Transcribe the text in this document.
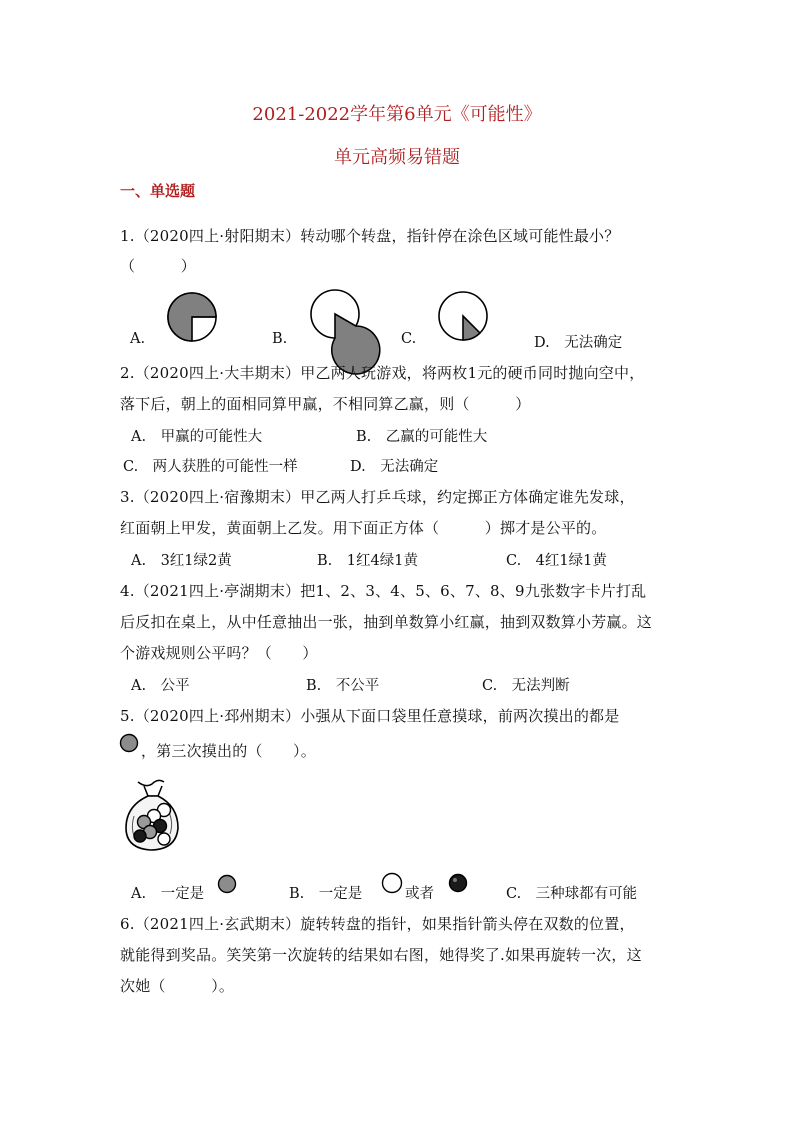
2021-2022学年第6单元《可能性》
单元高频易错题
一、单选题
1.（2020四上·射阳期末）转动哪个转盘，指针停在涂色区域可能性最小？
（　　　）
A.	B.	C.	D.　无法确定
2.（2020四上·大丰期末）甲乙两人玩游戏，将两枚1元的硬币同时抛向空中，
落下后，朝上的面相同算甲赢，不相同算乙赢，则（　　　）
A.　甲赢的可能性大	B.　乙赢的可能性大
C.　两人获胜的可能性一样	D.　无法确定
3.（2020四上·宿豫期末）甲乙两人打乒乓球，约定掷正方体确定谁先发球，
红面朝上甲发，黄面朝上乙发。用下面正方体（　　　）掷才是公平的。
A.　3红1绿2黄	B.　1红4绿1黄	C.　4红1绿1黄
4.（2021四上·亭湖期末）把1、2、3、4、5、6、7、8、9九张数字卡片打乱
后反扣在桌上，从中任意抽出一张，抽到单数算小红赢，抽到双数算小芳赢。这
个游戏规则公平吗？（　　）
A.　公平	B.　不公平	C.　无法判断
5.（2020四上·邳州期末）小强从下面口袋里任意摸球，前两次摸出的都是
，第三次摸出的（　　）。
A.　一定是	B.　一定是	或者	C.　三种球都有可能
6.（2021四上·玄武期末）旋转转盘的指针，如果指针箭头停在双数的位置，
就能得到奖品。笑笑第一次旋转的结果如右图，她得奖了.如果再旋转一次，这
次她（　　　）。
